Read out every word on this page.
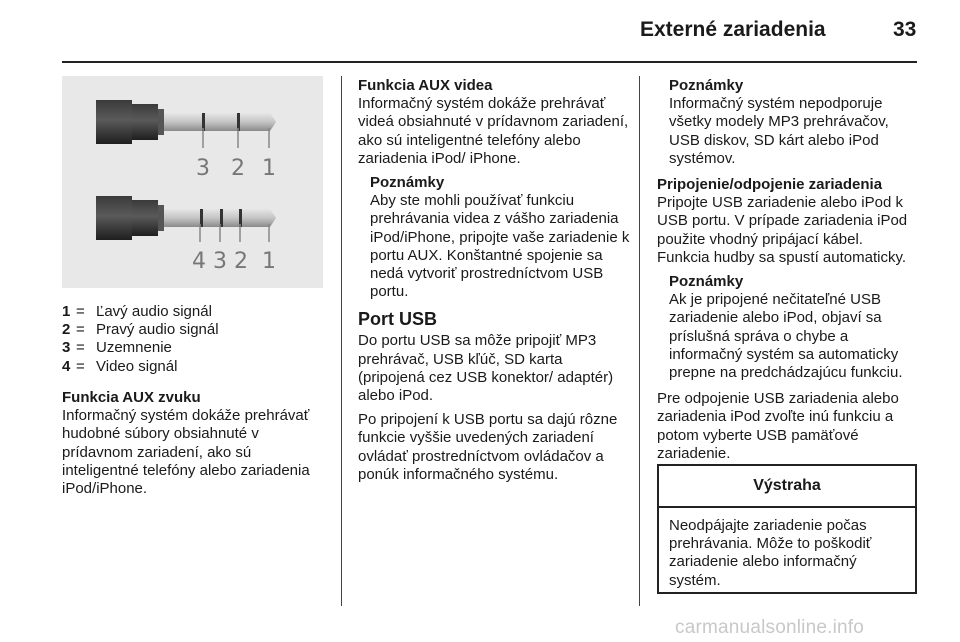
Externé zariadenia	33
3 2 1
4 3 2 1
1 = Ľavý audio signál
2 = Pravý audio signál
3 = Uzemnenie
4 = Video signál
Funkcia AUX zvuku

Informačný systém dokáže prehrávať hudobné súbory obsiahnuté v prídavnom zariadení, ako sú inteligentné telefóny alebo zariadenia iPod/iPhone.

Funkcia AUX videa

Informačný systém dokáže prehrávať videá obsiahnuté v prídavnom zariadení, ako sú inteligentné telefóny alebo zariadenia iPod/ iPhone.

Poznámky
Aby ste mohli používať funkciu prehrávania videa z vášho zariadenia iPod/iPhone, pripojte vaše zariadenie k portu AUX. Konštantné spojenie sa nedá vytvoriť prostredníctvom USB portu.
Port USB

Do portu USB sa môže pripojiť MP3 prehrávač, USB kľúč, SD karta (pripojená cez USB konektor/ adaptér) alebo iPod.

Po pripojení k USB portu sa dajú rôzne funkcie vyššie uvedených zariadení ovládať prostredníctvom ovládačov a ponúk informačného systému.

Poznámky
Informačný systém nepodporuje všetky modely MP3 prehrávačov, USB diskov, SD kárt alebo iPod systémov.
Pripojenie/odpojenie zariadenia
Pripojte USB zariadenie alebo iPod k USB portu. V prípade zariadenia iPod použite vhodný pripájací kábel.

Funkcia hudby sa spustí automaticky.

Poznámky
Ak je pripojené nečitateľné USB zariadenie alebo iPod, objaví sa príslušná správa o chybe a informačný systém sa automaticky prepne na predchádzajúcu funkciu.

Pre odpojenie USB zariadenia alebo zariadenia iPod zvoľte inú funkciu a potom vyberte USB pamäťové zariadenie.

Výstraha
Neodpájajte zariadenie počas prehrávania. Môže to poškodiť zariadenie alebo informačný systém.
carmanualsonline.info
